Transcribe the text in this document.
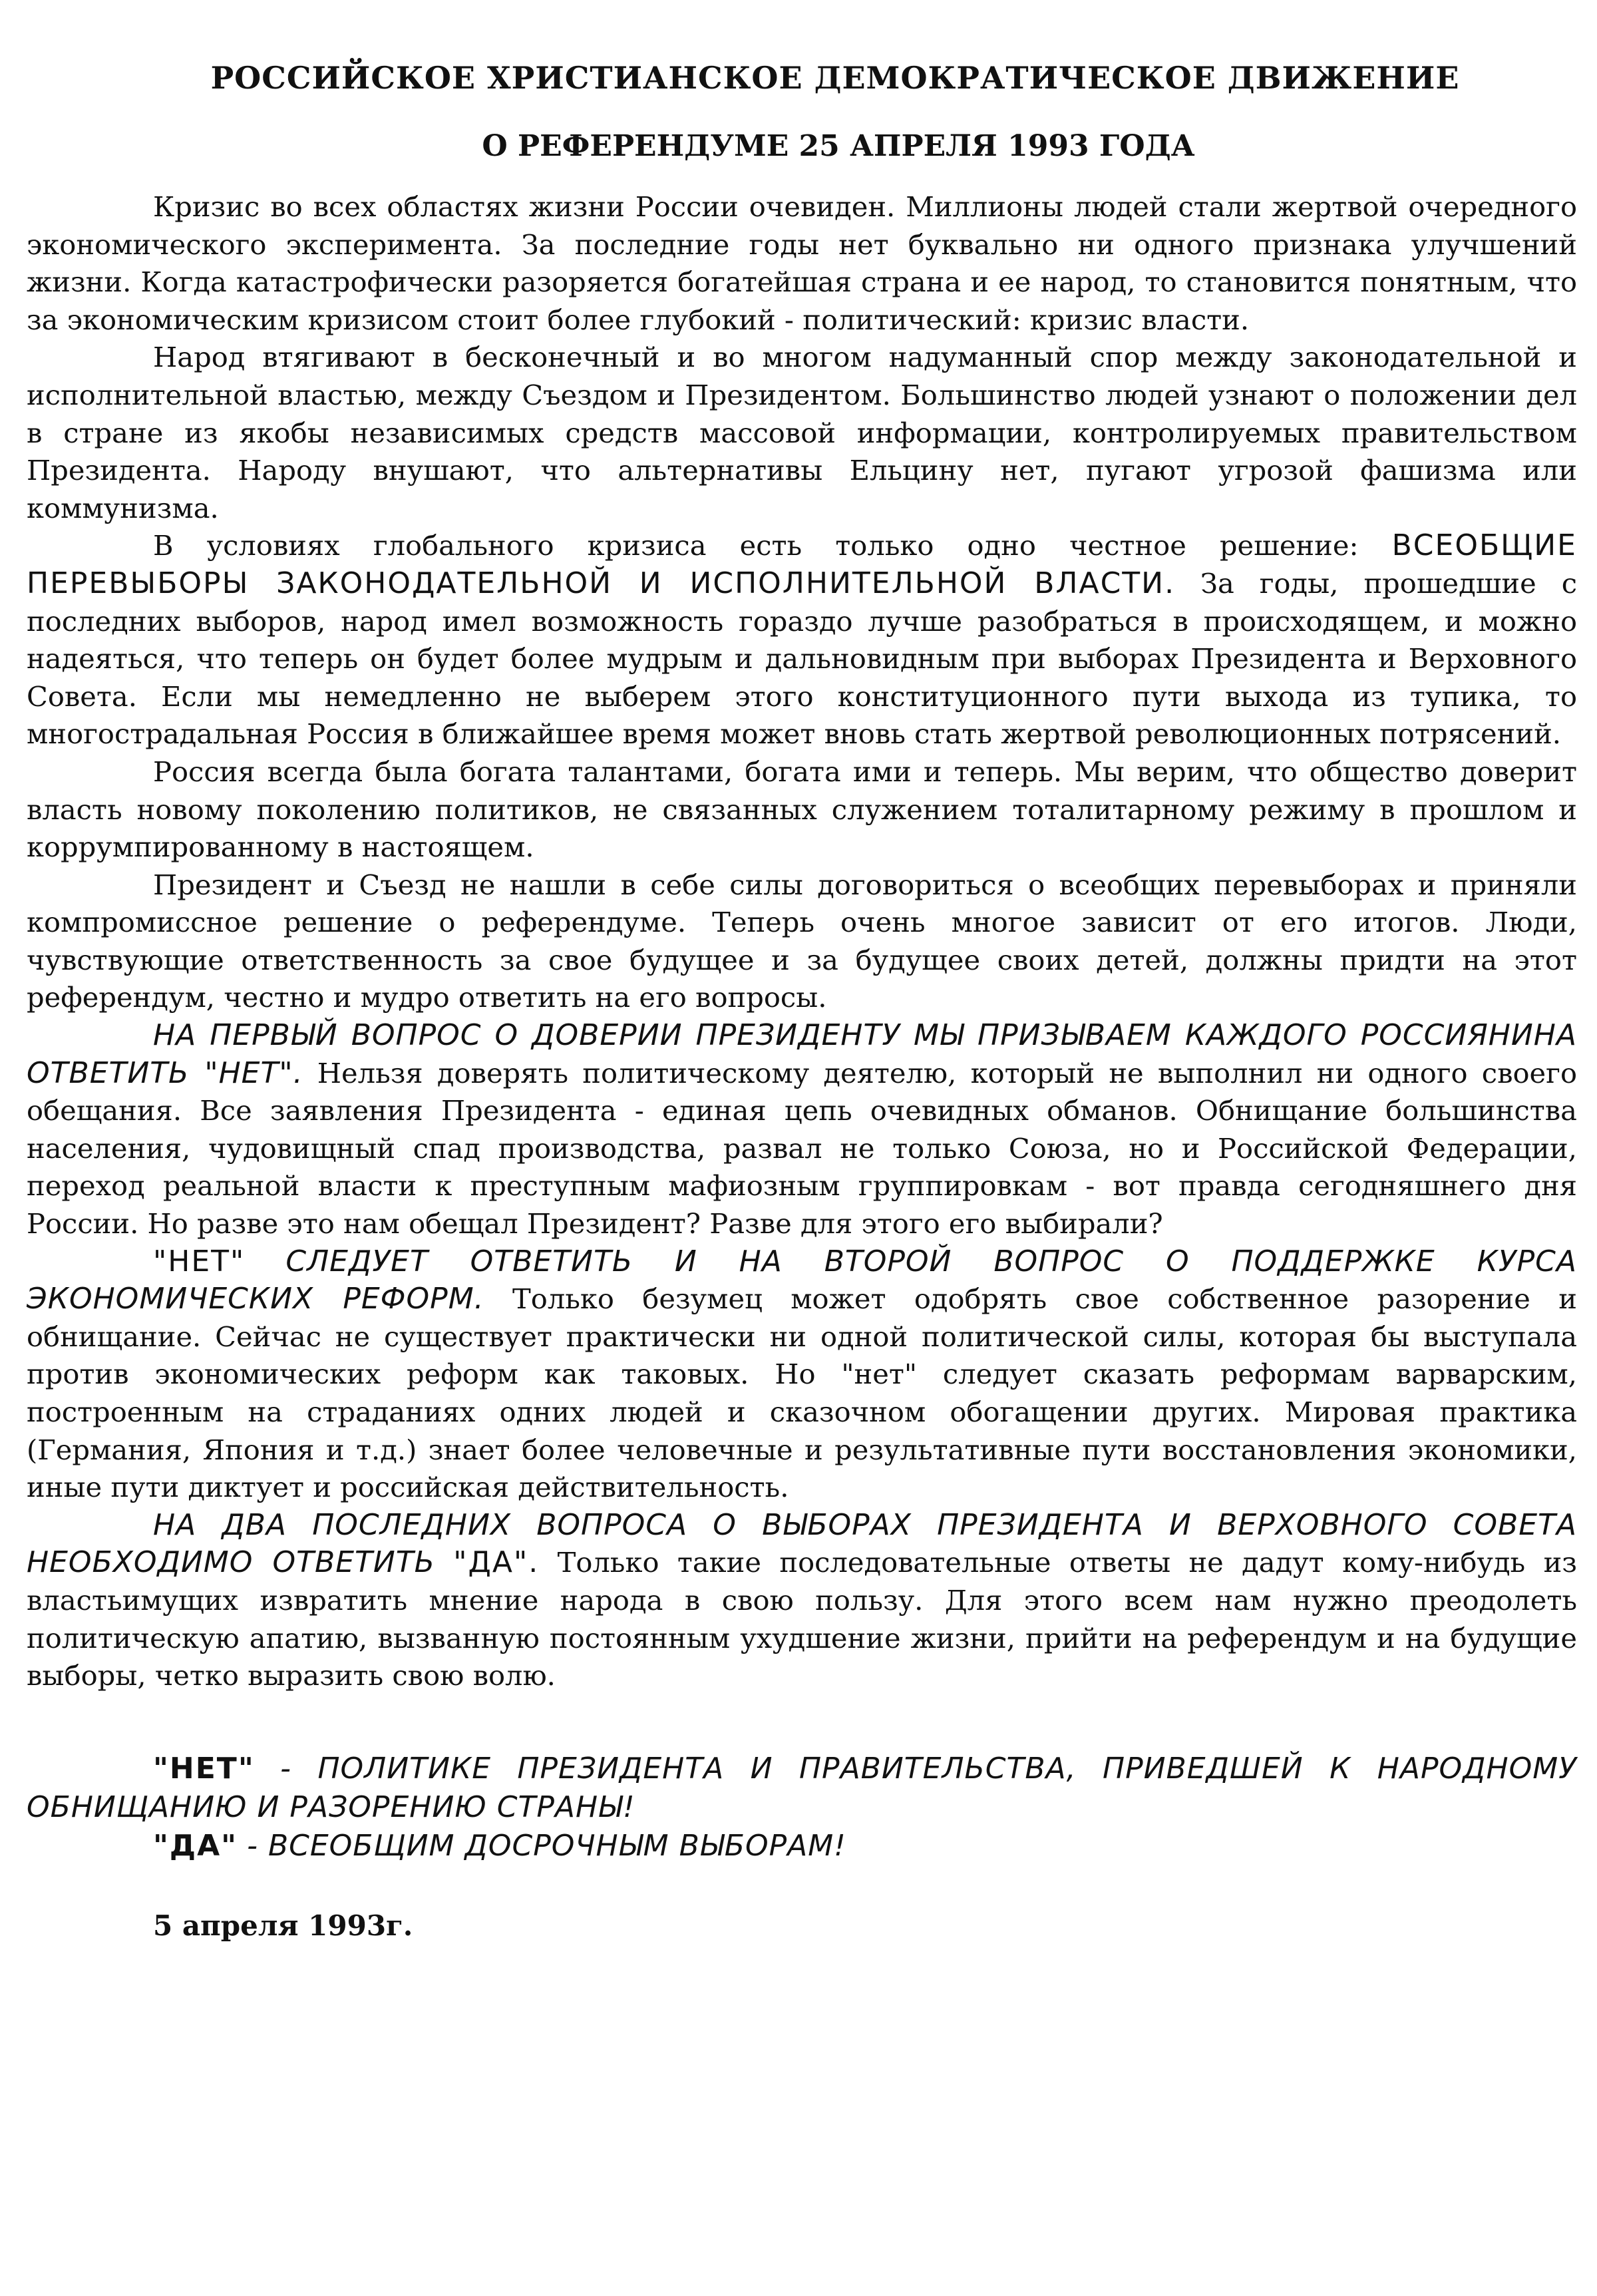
РОССИЙСКОЕ ХРИСТИАНСКОЕ ДЕМОКРАТИЧЕСКОЕ ДВИЖЕНИЕ
О РЕФЕРЕНДУМЕ 25 АПРЕЛЯ 1993 ГОДА

Кризис во всех областях жизни России очевиден. Миллионы людей стали жертвой очередного экономического эксперимента. За последние годы нет буквально ни одного признака улучшений жизни. Когда катастрофически разоряется богатейшая страна и ее народ, то становится понятным, что за экономическим кризисом стоит более глубокий - политический: кризис власти.

Народ втягивают в бесконечный и во многом надуманный спор между законодательной и исполнительной властью, между Съездом и Президентом. Большинство людей узнают о положении дел в стране из якобы независимых средств массовой информации, контролируемых правительством Президента. Народу внушают, что альтернативы Ельцину нет, пугают угрозой фашизма или коммунизма.

В условиях глобального кризиса есть только одно честное решение: ВСЕОБЩИЕ ПЕРЕВЫБОРЫ ЗАКОНОДАТЕЛЬНОЙ И ИСПОЛНИТЕЛЬНОЙ ВЛАСТИ. За годы, прошедшие с последних выборов, народ имел возможность гораздо лучше разобраться в происходящем, и можно надеяться, что теперь он будет более мудрым и дальновидным при выборах Президента и Верховного Совета. Если мы немедленно не выберем этого конституционного пути выхода из тупика, то многострадальная Россия в ближайшее время может вновь стать жертвой революционных потрясений.

Россия всегда была богата талантами, богата ими и теперь. Мы верим, что общество доверит власть новому поколению политиков, не связанных служением тоталитарному режиму в прошлом и коррумпированному в настоящем.

Президент и Съезд не нашли в себе силы договориться о всеобщих перевыборах и приняли компромиссное решение о референдуме. Теперь очень многое зависит от его итогов. Люди, чувствующие ответственность за свое будущее и за будущее своих детей, должны придти на этот референдум, честно и мудро ответить на его вопросы.

НА ПЕРВЫЙ ВОПРОС О ДОВЕРИИ ПРЕЗИДЕНТУ МЫ ПРИЗЫВАЕМ КАЖДОГО РОССИЯНИНА ОТВЕТИТЬ "НЕТ". Нельзя доверять политическому деятелю, который не выполнил ни одного своего обещания. Все заявления Президента - единая цепь очевидных обманов. Обнищание большинства населения, чудовищный спад производства, развал не только Союза, но и Российской Федерации, переход реальной власти к преступным мафиозным группировкам - вот правда сегодняшнего дня России. Но разве это нам обещал Президент? Разве для этого его выбирали?

"НЕТ" СЛЕДУЕТ ОТВЕТИТЬ И НА ВТОРОЙ ВОПРОС О ПОДДЕРЖКЕ КУРСА ЭКОНОМИЧЕСКИХ РЕФОРМ. Только безумец может одобрять свое собственное разорение и обнищание. Сейчас не существует практически ни одной политической силы, которая бы выступала против экономических реформ как таковых. Но "нет" следует сказать реформам варварским, построенным на страданиях одних людей и сказочном обогащении других. Мировая практика (Германия, Япония и т.д.) знает более человечные и результативные пути восстановления экономики, иные пути диктует и российская действительность.

НА ДВА ПОСЛЕДНИХ ВОПРОСА О ВЫБОРАХ ПРЕЗИДЕНТА И ВЕРХОВНОГО СОВЕТА НЕОБХОДИМО ОТВЕТИТЬ "ДА". Только такие последовательные ответы не дадут кому-нибудь из властьимущих извратить мнение народа в свою пользу. Для этого всем нам нужно преодолеть политическую апатию, вызванную постоянным ухудшение жизни, прийти на референдум и на будущие выборы, четко выразить свою волю.

"НЕТ" - ПОЛИТИКЕ ПРЕЗИДЕНТА И ПРАВИТЕЛЬСТВА, ПРИВЕДШЕЙ К НАРОДНОМУ ОБНИЩАНИЮ И РАЗОРЕНИЮ СТРАНЫ!

"ДА" - ВСЕОБЩИМ ДОСРОЧНЫМ ВЫБОРАМ!

5 апреля 1993г.
